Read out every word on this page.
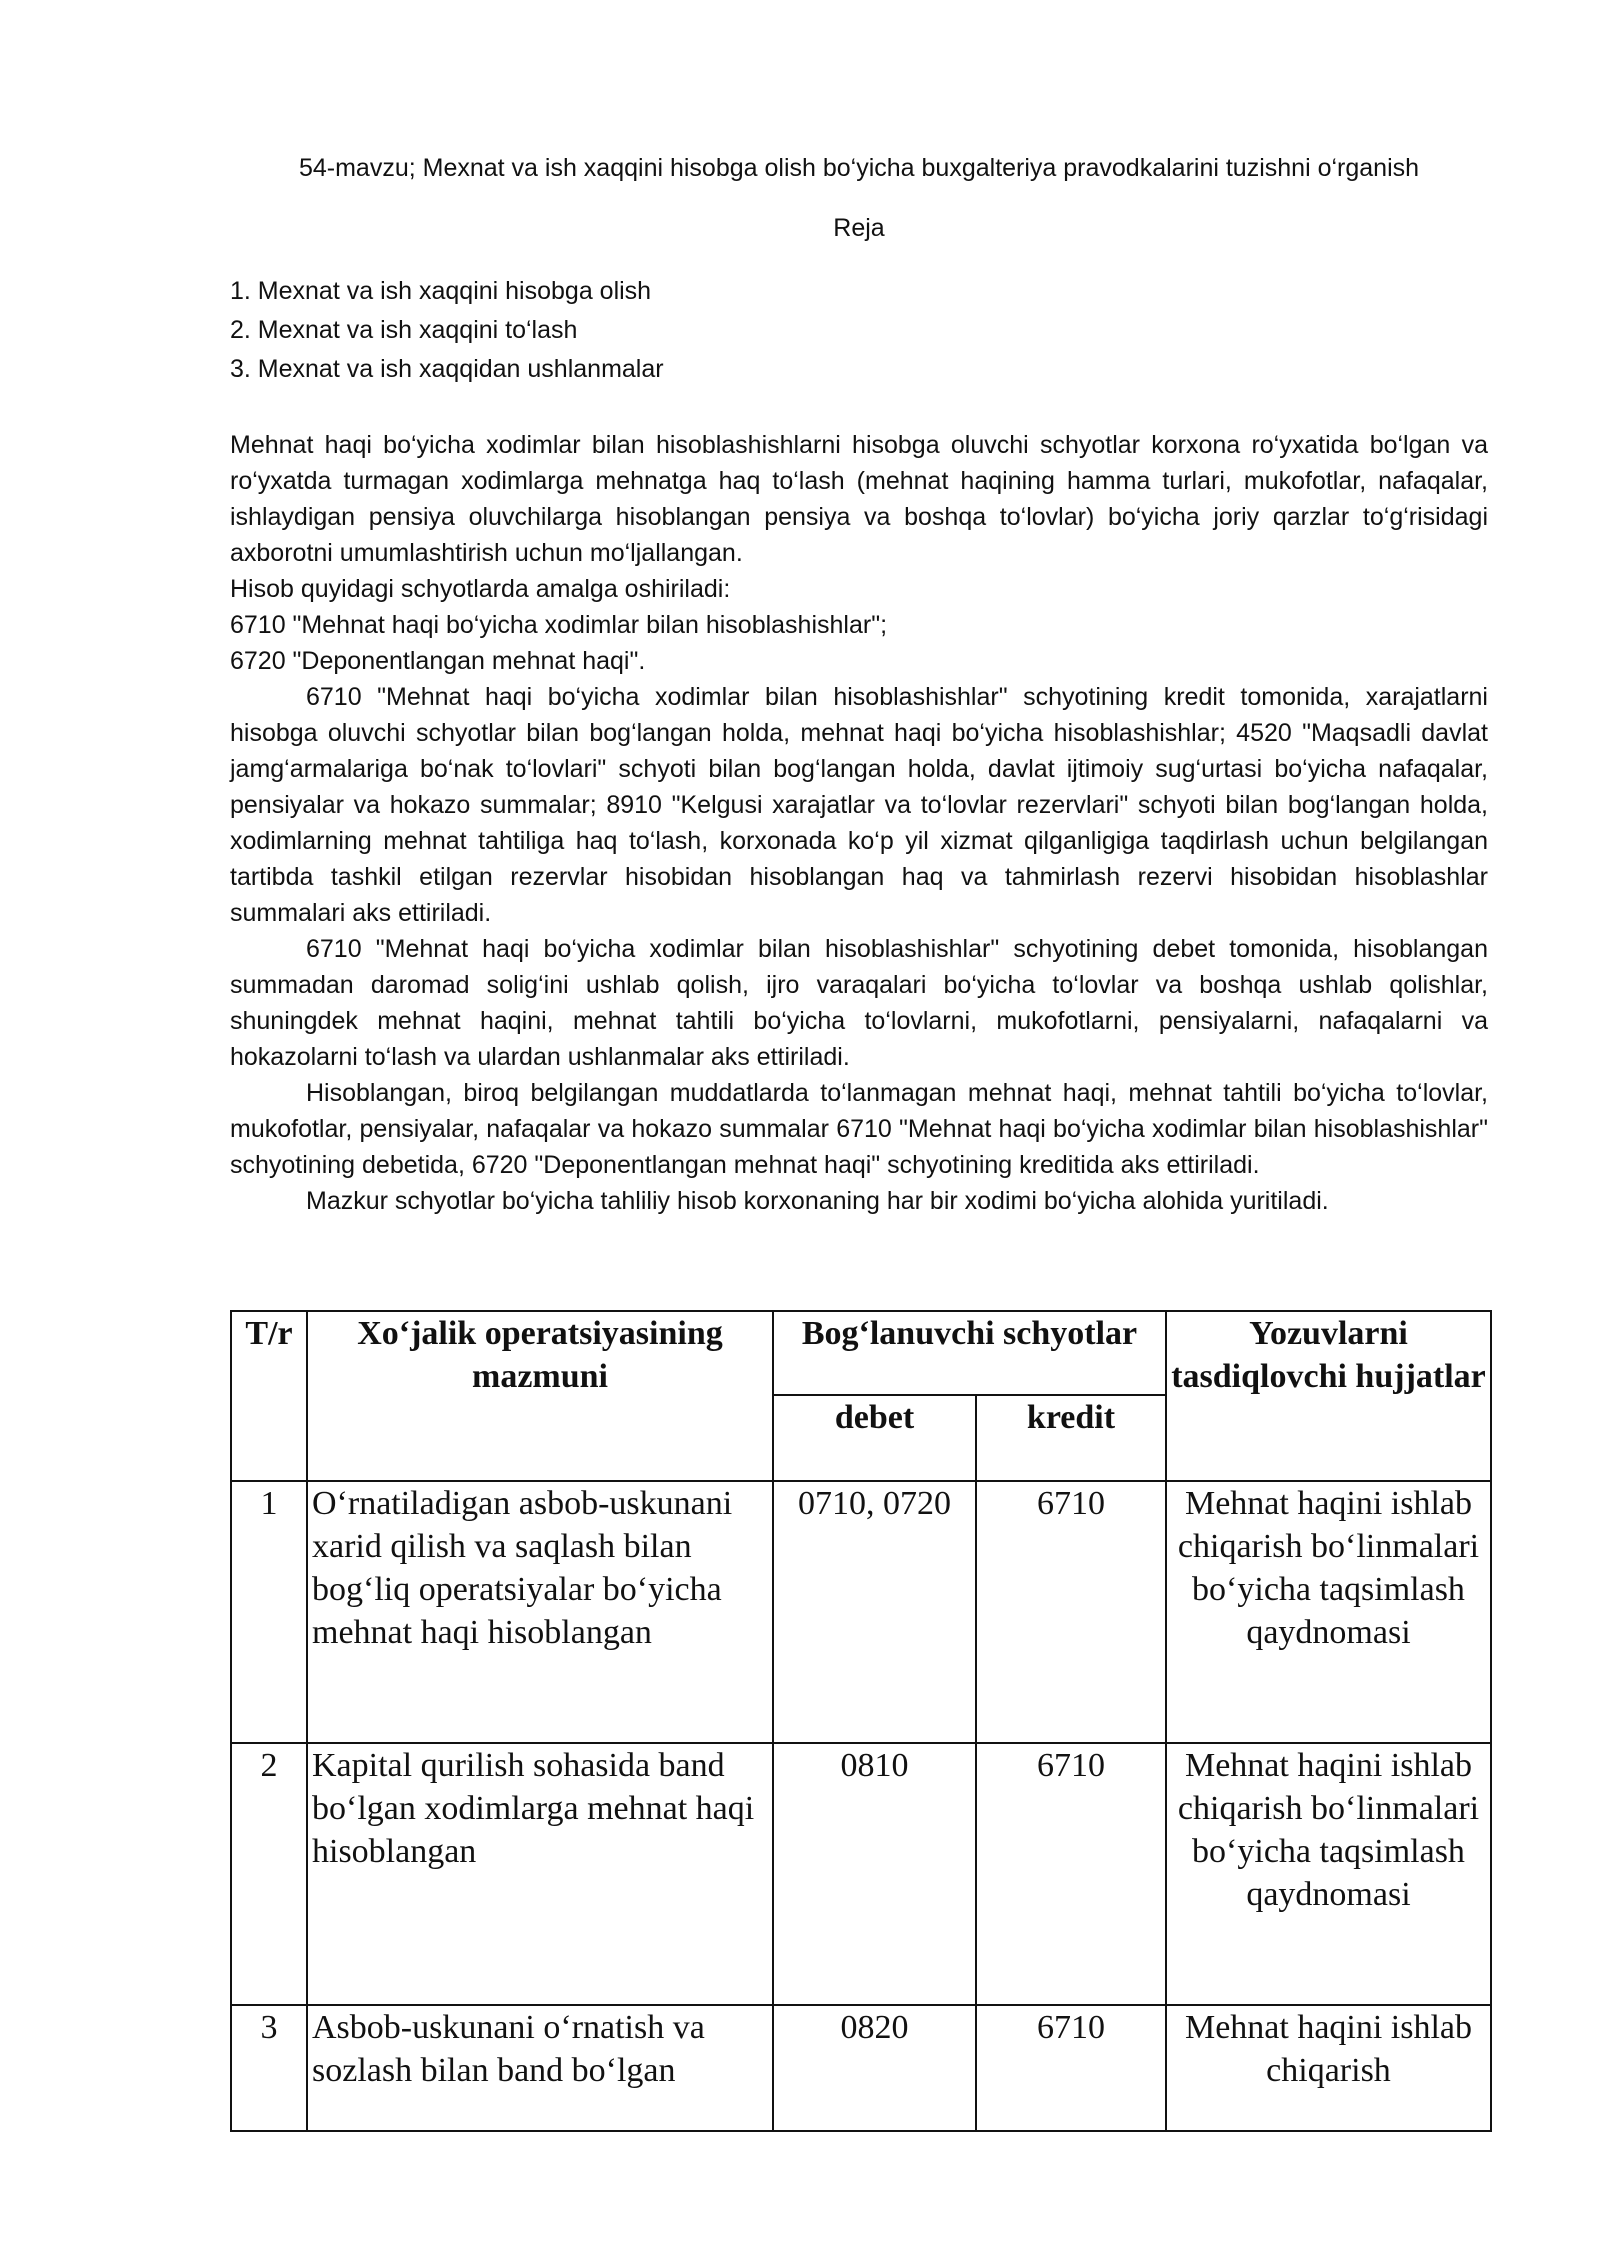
54-mavzu; Mexnat va ish xaqqini hisobga olish bo‘yicha buxgalteriya pravodkalarini tuzishni o‘rganish

Reja

1. Mexnat va ish xaqqini hisobga olish
2. Mexnat va ish xaqqini to‘lash
3. Mexnat va ish xaqqidan ushlanmalar

Mehnat haqi bo‘yicha xodimlar bilan hisoblashishlarni hisobga oluvchi schyotlar korxona ro‘yxatida bo‘lgan va ro‘yxatda turmagan xodimlarga mehnatga haq to‘lash (mehnat haqining hamma turlari, mukofotlar, nafaqalar, ishlaydigan pensiya oluvchilarga hisoblangan pensiya va boshqa to‘lovlar) bo‘yicha joriy qarzlar to‘g‘risidagi axborotni umumlashtirish uchun mo‘ljallangan.

Hisob quyidagi schyotlarda amalga oshiriladi:

6710 "Mehnat haqi bo‘yicha xodimlar bilan hisoblashishlar";

6720 "Deponentlangan mehnat haqi".

6710 "Mehnat haqi bo‘yicha xodimlar bilan hisoblashishlar" schyotining kredit tomonida, xarajatlarni hisobga oluvchi schyotlar bilan bog‘langan holda, mehnat haqi bo‘yicha hisoblashishlar; 4520 "Maqsadli davlat jamg‘armalariga bo‘nak to‘lovlari" schyoti bilan bog‘langan holda, davlat ijtimoiy sug‘urtasi bo‘yicha nafaqalar, pensiyalar va hokazo summalar; 8910 "Kelgusi xarajatlar va to‘lovlar rezervlari" schyoti bilan bog‘langan holda, xodimlarning mehnat tahtiliga haq to‘lash, korxonada ko‘p yil xizmat qilganligiga taqdirlash uchun belgilangan tartibda tashkil etilgan rezervlar hisobidan hisoblangan haq va tahmirlash rezervi hisobidan hisoblashlar summalari aks ettiriladi.

6710 "Mehnat haqi bo‘yicha xodimlar bilan hisoblashishlar" schyotining debet tomonida, hisoblangan summadan daromad solig‘ini ushlab qolish, ijro varaqalari bo‘yicha to‘lovlar va boshqa ushlab qolishlar, shuningdek mehnat haqini, mehnat tahtili bo‘yicha to‘lovlarni, mukofotlarni, pensiyalarni, nafaqalarni va hokazolarni to‘lash va ulardan ushlanmalar aks ettiriladi.

Hisoblangan, biroq belgilangan muddatlarda to‘lanmagan mehnat haqi, mehnat tahtili bo‘yicha to‘lovlar, mukofotlar, pensiyalar, nafaqalar va hokazo summalar 6710 "Mehnat haqi bo‘yicha xodimlar bilan hisoblashishlar" schyotining debetida, 6720 "Deponentlangan mehnat haqi" schyotining kreditida aks ettiriladi.

Mazkur schyotlar bo‘yicha tahliliy hisob korxonaning har bir xodimi bo‘yicha alohida yuritiladi.

T/r	Xo‘jalik operatsiyasining mazmuni	Bog‘lanuvchi schyotlar		Yozuvlarni tasdiqlovchi hujjatlar
		debet	kredit	
1	O‘rnatiladigan asbob-uskunani xarid qilish va saqlash bilan bog‘liq operatsiyalar bo‘yicha mehnat haqi hisoblangan	0710, 0720	6710	Mehnat haqini ishlab chiqarish bo‘linmalari bo‘yicha taqsimlash qaydnomasi
2	Kapital qurilish sohasida band bo‘lgan xodimlarga mehnat haqi hisoblangan	0810	6710	Mehnat haqini ishlab chiqarish bo‘linmalari bo‘yicha taqsimlash qaydnomasi
3	Asbob-uskunani o‘rnatish va sozlash bilan band bo‘lgan	0820	6710	Mehnat haqini ishlab chiqarish
